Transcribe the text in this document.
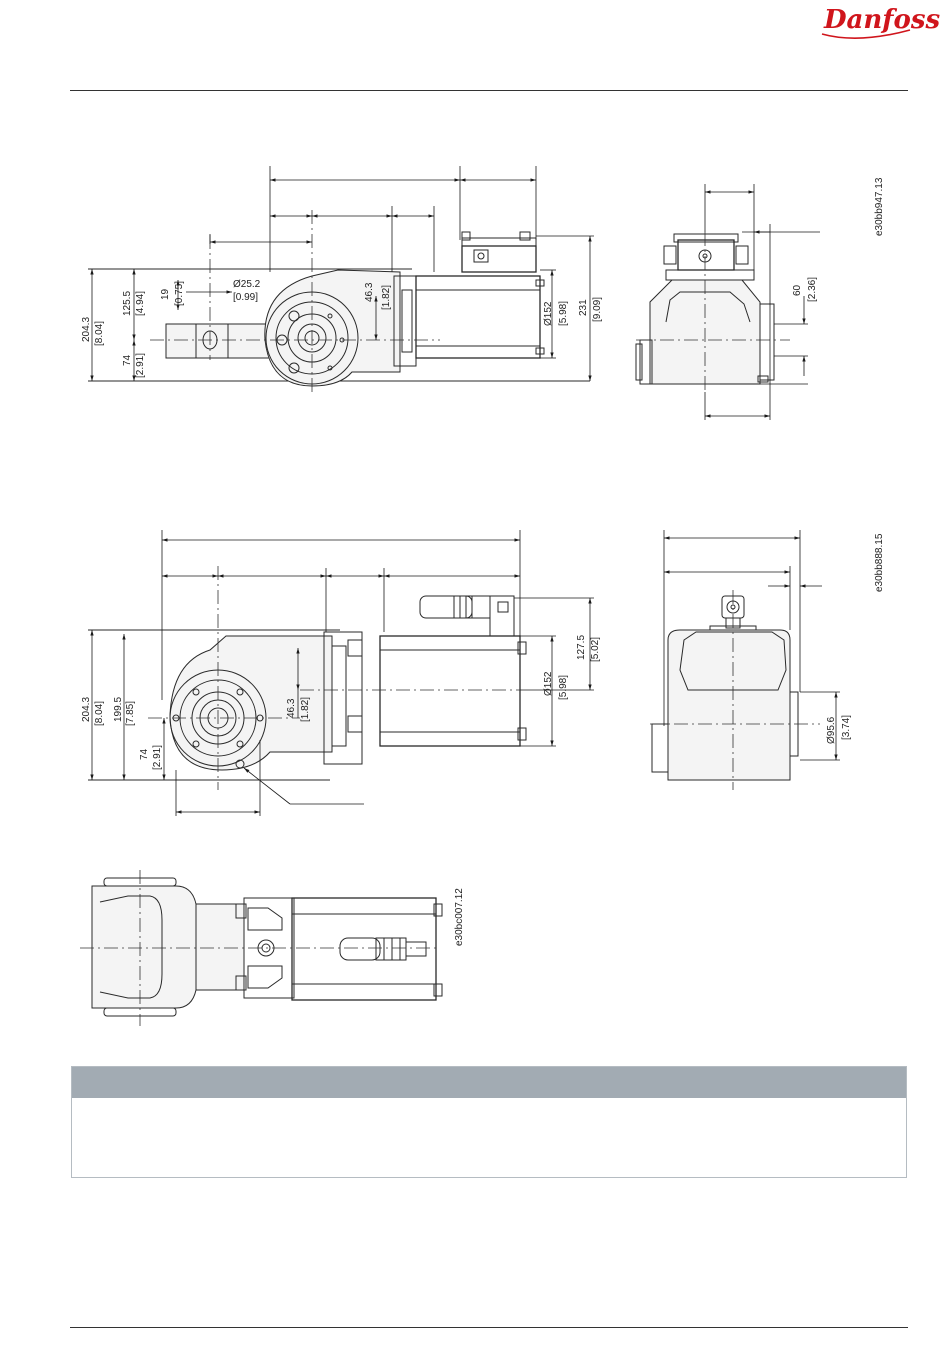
Danfoss
204.3 [8.04]
125.5 [4.94]
74 [2.91]
19 [0.75]	Ø25.2
[0.99]	46.3 [1.82]
Ø152 [5.98] 231 [9.09]
60 [2.36]
e30bb947.13
204.3 [8.04] 199.5 [7.85]
74 [2.91]
46.3 [1.82]
Ø152 [5.98]
127.5 [5.02]
Ø95.6 [3.74]
e30bb888.15
e30bc007.12
